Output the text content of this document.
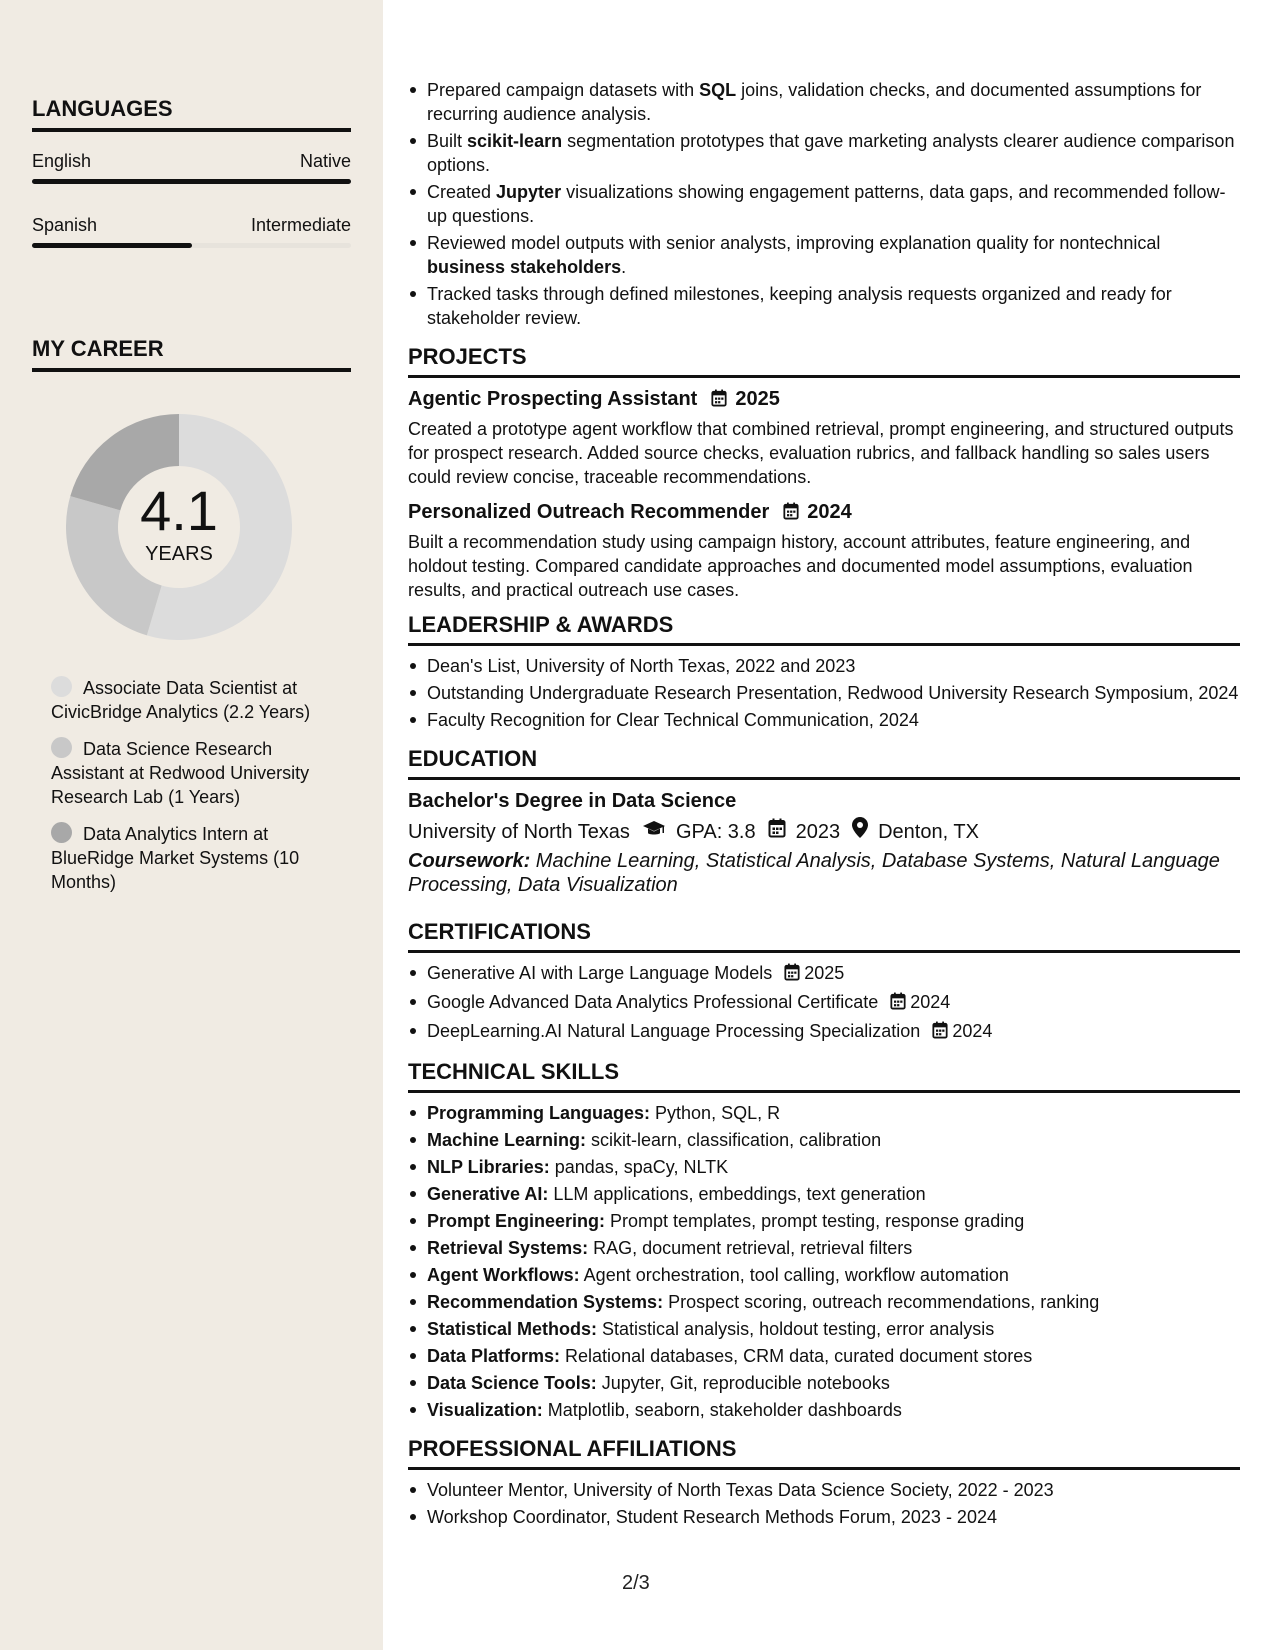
LANGUAGES
English	Native
Spanish	Intermediate
MY CAREER
4.1
YEARS
Associate Data Scientist at CivicBridge Analytics (2.2 Years)
Data Science Research Assistant at Redwood University Research Lab (1 Years)
Data Analytics Intern at BlueRidge Market Systems (10 Months)
Prepared campaign datasets with SQL joins, validation checks, and documented assumptions for recurring audience analysis.
Built scikit-learn segmentation prototypes that gave marketing analysts clearer audience comparison options.
Created Jupyter visualizations showing engagement patterns, data gaps, and recommended follow-up questions.
Reviewed model outputs with senior analysts, improving explanation quality for nontechnical business stakeholders.
Tracked tasks through defined milestones, keeping analysis requests organized and ready for stakeholder review.
PROJECTS
Agentic Prospecting Assistant 2025
Created a prototype agent workflow that combined retrieval, prompt engineering, and structured outputs for prospect research. Added source checks, evaluation rubrics, and fallback handling so sales users could review concise, traceable recommendations.
Personalized Outreach Recommender 2024
Built a recommendation study using campaign history, account attributes, feature engineering, and holdout testing. Compared candidate approaches and documented model assumptions, evaluation results, and practical outreach use cases.
LEADERSHIP & AWARDS
Dean's List, University of North Texas, 2022 and 2023
Outstanding Undergraduate Research Presentation, Redwood University Research Symposium, 2024
Faculty Recognition for Clear Technical Communication, 2024
EDUCATION
Bachelor's Degree in Data Science
University of North Texas GPA: 3.8 2023 Denton, TX
Coursework: Machine Learning, Statistical Analysis, Database Systems, Natural Language Processing, Data Visualization
CERTIFICATIONS
Generative AI with Large Language Models 2025
Google Advanced Data Analytics Professional Certificate 2024
DeepLearning.AI Natural Language Processing Specialization 2024
TECHNICAL SKILLS
Programming Languages: Python, SQL, R
Machine Learning: scikit-learn, classification, calibration
NLP Libraries: pandas, spaCy, NLTK
Generative AI: LLM applications, embeddings, text generation
Prompt Engineering: Prompt templates, prompt testing, response grading
Retrieval Systems: RAG, document retrieval, retrieval filters
Agent Workflows: Agent orchestration, tool calling, workflow automation
Recommendation Systems: Prospect scoring, outreach recommendations, ranking
Statistical Methods: Statistical analysis, holdout testing, error analysis
Data Platforms: Relational databases, CRM data, curated document stores
Data Science Tools: Jupyter, Git, reproducible notebooks
Visualization: Matplotlib, seaborn, stakeholder dashboards
PROFESSIONAL AFFILIATIONS
Volunteer Mentor, University of North Texas Data Science Society, 2022 - 2023
Workshop Coordinator, Student Research Methods Forum, 2023 - 2024
2/3
